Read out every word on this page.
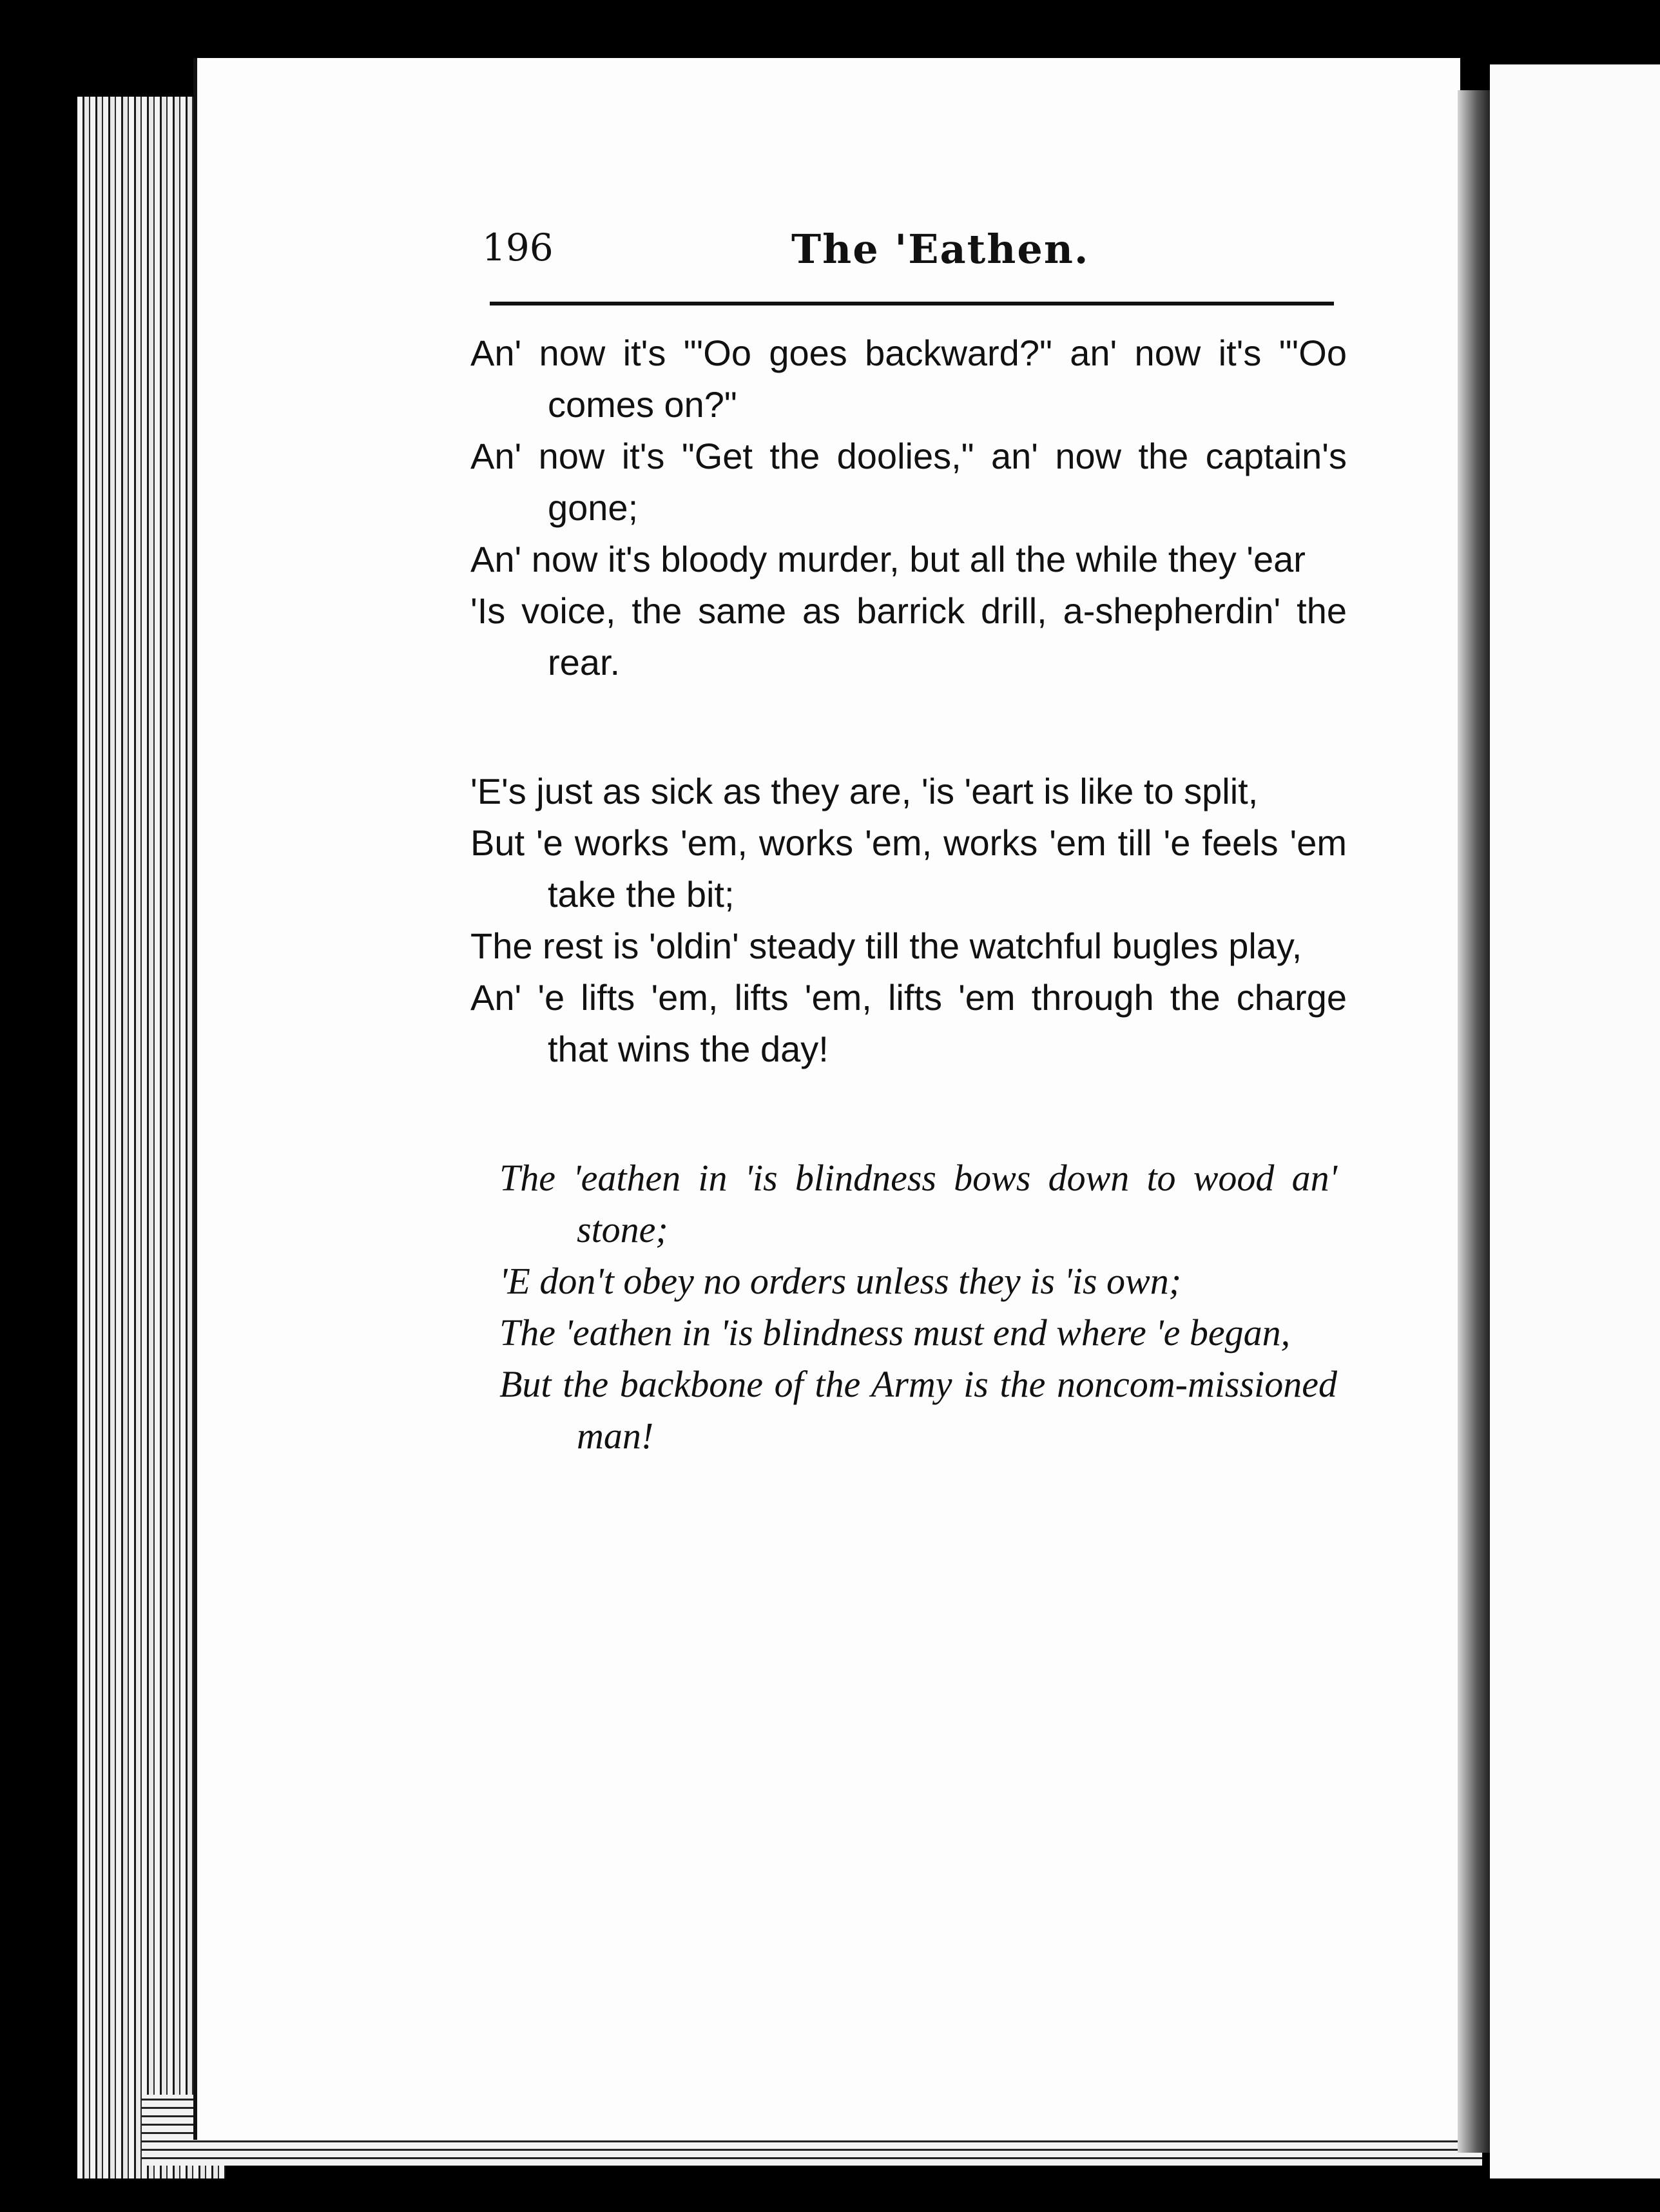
196	The 'Eathen.
An' now it's "'Oo goes backward?" an' now it's "'Oo comes on?"
An' now it's "Get the doolies," an' now the captain's gone;
An' now it's bloody murder, but all the while they 'ear
'Is voice, the same as barrick drill, a-shepherdin' the rear.
'E's just as sick as they are, 'is 'eart is like to split,
But 'e works 'em, works 'em, works 'em till 'e feels 'em take the bit;
The rest is 'oldin' steady till the watchful bugles play,
An' 'e lifts 'em, lifts 'em, lifts 'em through the charge that wins the day!
The 'eathen in 'is blindness bows down to wood an' stone;
'E don't obey no orders unless they is 'is own;
The 'eathen in 'is blindness must end where 'e began,
But the backbone of the Army is the noncom-missioned man!
